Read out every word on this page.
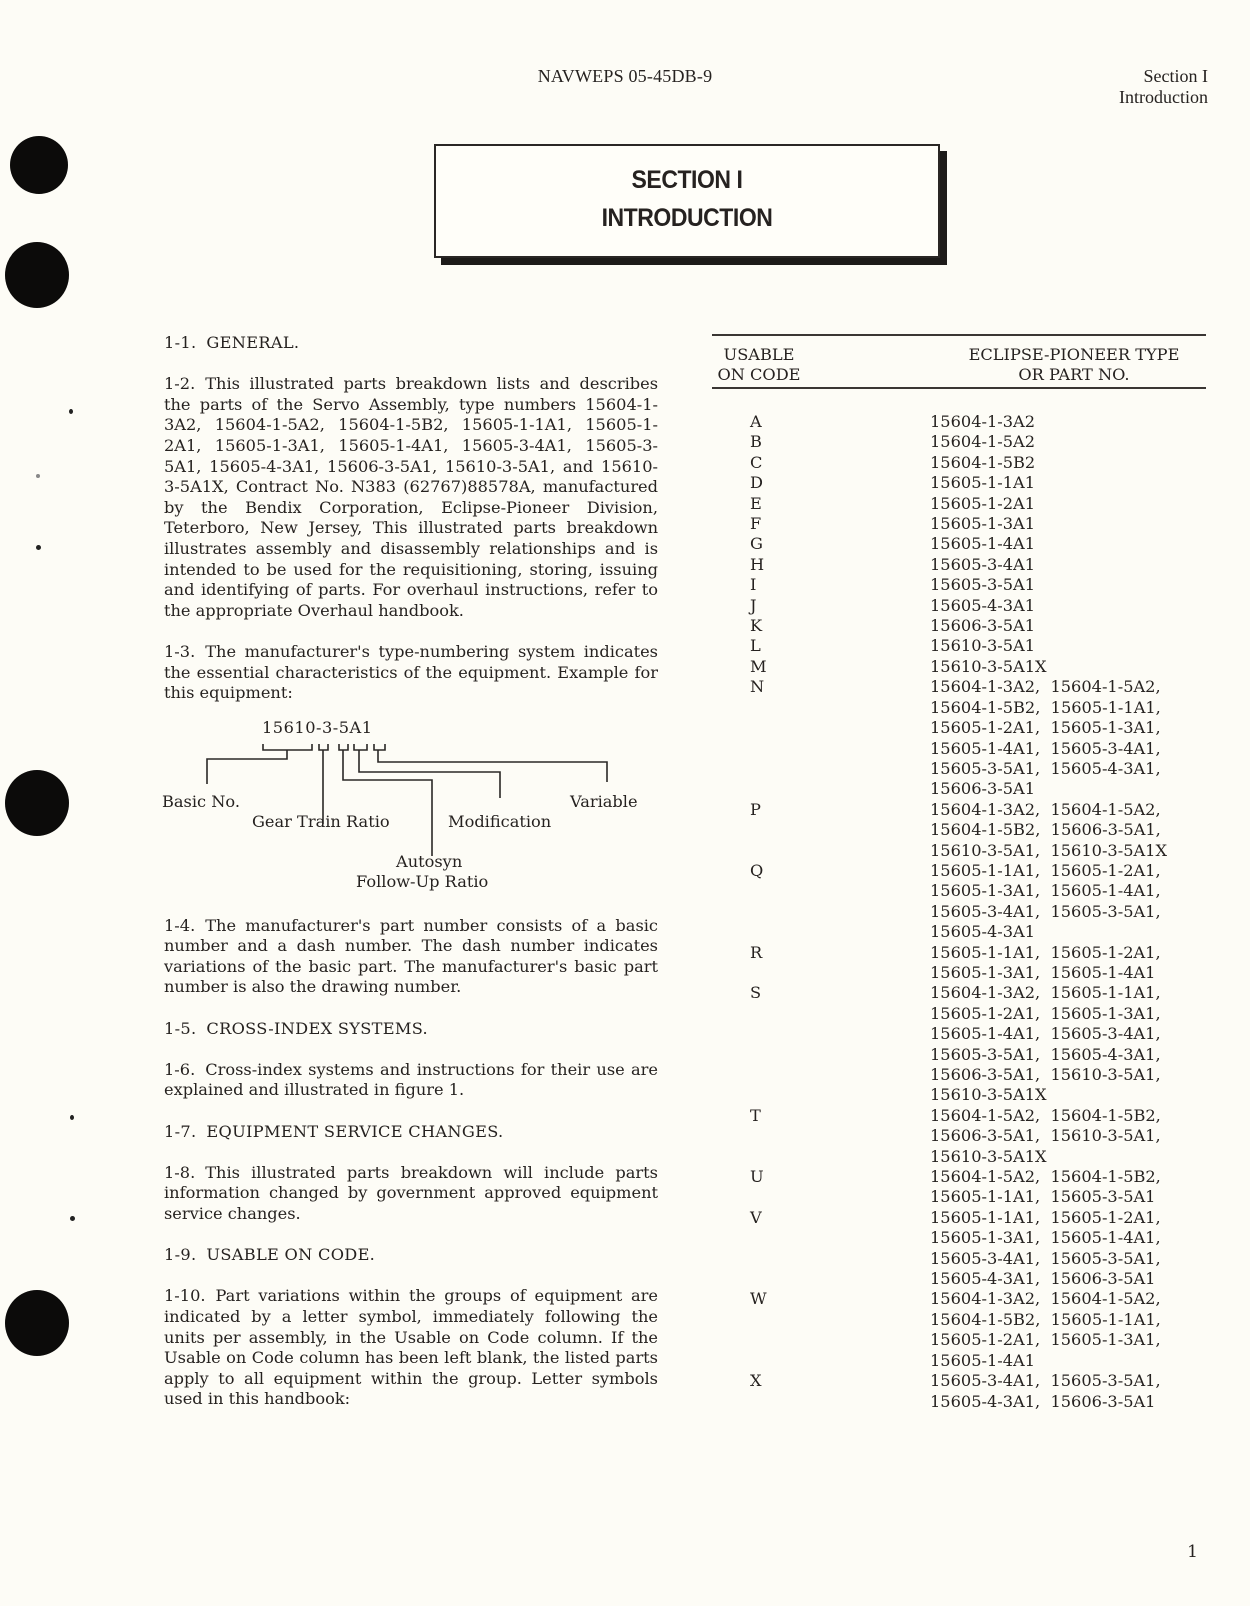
NAVWEPS 05-45DB-9	Section I
Introduction
SECTION I
INTRODUCTION

1-1. GENERAL.

1-2. This illustrated parts breakdown lists and describes the parts of the Servo Assembly, type numbers 15604-1-3A2, 15604-1-5A2, 15604-1-5B2, 15605-1-1A1, 15605-1-2A1, 15605-1-3A1, 15605-1-4A1, 15605-3-4A1, 15605-3-5A1, 15605-4-3A1, 15606-3-5A1, 15610-3-5A1, and 15610-3-5A1X, Contract No. N383 (62767)88578A, manufactured by the Bendix Corporation, Eclipse-Pioneer Division, Teterboro, New Jersey, This illustrated parts breakdown illustrates assembly and disassembly relationships and is intended to be used for the requisitioning, storing, issuing and identifying of parts. For overhaul instructions, refer to the appropriate Overhaul handbook.

1-3. The manufacturer's type-numbering system indicates the essential characteristics of the equipment. Example for this equipment:

15610-3-5A1
Basic No.
Gear Train Ratio	Modification
Variable
Autosyn
Follow-Up Ratio

1-4. The manufacturer's part number consists of a basic number and a dash number. The dash number indicates variations of the basic part. The manufacturer's basic part number is also the drawing number.

1-5. CROSS-INDEX SYSTEMS.

1-6. Cross-index systems and instructions for their use are explained and illustrated in figure 1.

1-7. EQUIPMENT SERVICE CHANGES.

1-8. This illustrated parts breakdown will include parts information changed by government approved equipment service changes.

1-9. USABLE ON CODE.

1-10. Part variations within the groups of equipment are indicated by a letter symbol, immediately following the units per assembly, in the Usable on Code column. If the Usable on Code column has been left blank, the listed parts apply to all equipment within the group. Letter symbols used in this handbook:

USABLE
ON CODE
ECLIPSE-PIONEER TYPE
OR PART NO.
A	15604-1-3A2
B	15604-1-5A2
C	15604-1-5B2
D	15605-1-1A1
E	15605-1-2A1
F	15605-1-3A1
G	15605-1-4A1
H	15605-3-4A1
I	15605-3-5A1
J	15605-4-3A1
K	15606-3-5A1
L	15610-3-5A1
M	15610-3-5A1X
N	15604-1-3A2,  15604-1-5A2,
15604-1-5B2,  15605-1-1A1,
15605-1-2A1,  15605-1-3A1,
15605-1-4A1,  15605-3-4A1,
15605-3-5A1,  15605-4-3A1,
15606-3-5A1
P	15604-1-3A2,  15604-1-5A2,
15604-1-5B2,  15606-3-5A1,
15610-3-5A1,  15610-3-5A1X
Q	15605-1-1A1,  15605-1-2A1,
15605-1-3A1,  15605-1-4A1,
15605-3-4A1,  15605-3-5A1,
15605-4-3A1
R	15605-1-1A1,  15605-1-2A1,
15605-1-3A1,  15605-1-4A1
S	15604-1-3A2,  15605-1-1A1,
15605-1-2A1,  15605-1-3A1,
15605-1-4A1,  15605-3-4A1,
15605-3-5A1,  15605-4-3A1,
15606-3-5A1,  15610-3-5A1,
15610-3-5A1X
T	15604-1-5A2,  15604-1-5B2,
15606-3-5A1,  15610-3-5A1,
15610-3-5A1X
U	15604-1-5A2,  15604-1-5B2,
15605-1-1A1,  15605-3-5A1
V	15605-1-1A1,  15605-1-2A1,
15605-1-3A1,  15605-1-4A1,
15605-3-4A1,  15605-3-5A1,
15605-4-3A1,  15606-3-5A1
W	15604-1-3A2,  15604-1-5A2,
15604-1-5B2,  15605-1-1A1,
15605-1-2A1,  15605-1-3A1,
15605-1-4A1
X	15605-3-4A1,  15605-3-5A1,
15605-4-3A1,  15606-3-5A1
1
